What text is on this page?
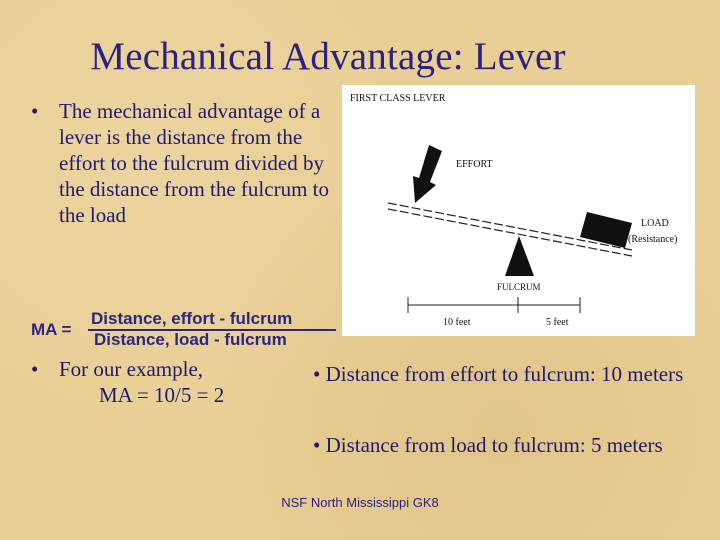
Mechanical Advantage: Lever
• The mechanical advantage of a lever is the distance from the effort to the fulcrum divided by the distance from the fulcrum to the load
MA =
Distance, effort - fulcrum
Distance, load - fulcrum
• For our example,
MA = 10/5 = 2
• Distance from effort to fulcrum: 10 meters
• Distance from load to fulcrum: 5 meters
FIRST CLASS LEVER
EFFORT
LOAD
(Resistance)
FULCRUM
10 feet	5 feet
NSF North Mississippi GK8
